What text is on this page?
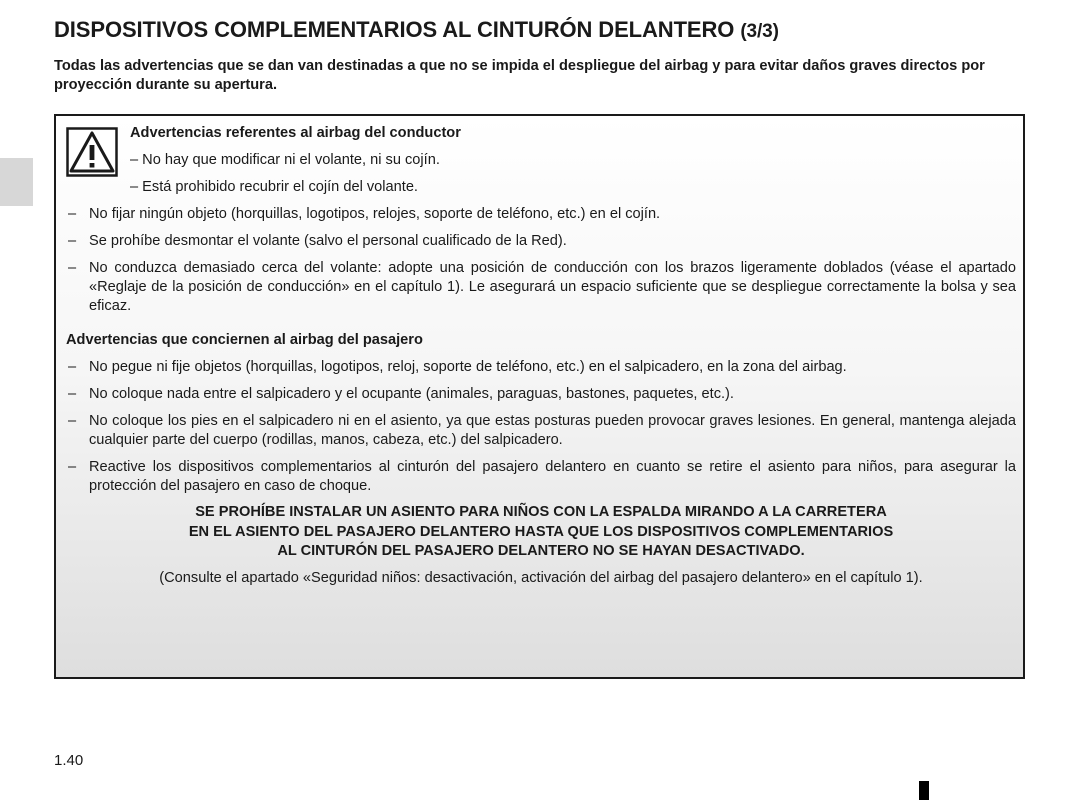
DISPOSITIVOS COMPLEMENTARIOS AL CINTURÓN DELANTERO (3/3)

Todas las advertencias que se dan van destinadas a que no se impida el despliegue del airbag y para evitar daños graves directos por proyección durante su apertura.

Advertencias referentes al airbag del conductor

– No hay que modificar ni el volante, ni su cojín.
– Está prohibido recubrir el cojín del volante.
– No fijar ningún objeto (horquillas, logotipos, relojes, soporte de teléfono, etc.) en el cojín.
– Se prohíbe desmontar el volante (salvo el personal cualificado de la Red).
– No conduzca demasiado cerca del volante: adopte una posición de conducción con los brazos ligeramente doblados (véase el apartado «Reglaje de la posición de conducción» en el capítulo 1). Le asegurará un espacio suficiente que se despliegue correctamente la bolsa y sea eficaz.

Advertencias que conciernen al airbag del pasajero

– No pegue ni fije objetos (horquillas, logotipos, reloj, soporte de teléfono, etc.) en el salpicadero, en la zona del airbag.
– No coloque nada entre el salpicadero y el ocupante (animales, paraguas, bastones, paquetes, etc.).
– No coloque los pies en el salpicadero ni en el asiento, ya que estas posturas pueden provocar graves lesiones. En general, mantenga alejada cualquier parte del cuerpo (rodillas, manos, cabeza, etc.) del salpicadero.
– Reactive los dispositivos complementarios al cinturón del pasajero delantero en cuanto se retire el asiento para niños, para asegurar la protección del pasajero en caso de choque.
SE PROHÍBE INSTALAR UN ASIENTO PARA NIÑOS CON LA ESPALDA MIRANDO A LA CARRETERA
EN EL ASIENTO DEL PASAJERO DELANTERO HASTA QUE LOS DISPOSITIVOS COMPLEMENTARIOS
AL CINTURÓN DEL PASAJERO DELANTERO NO SE HAYAN DESACTIVADO.
(Consulte el apartado «Seguridad niños: desactivación, activación del airbag del pasajero delantero» en el capítulo 1).
1.40
